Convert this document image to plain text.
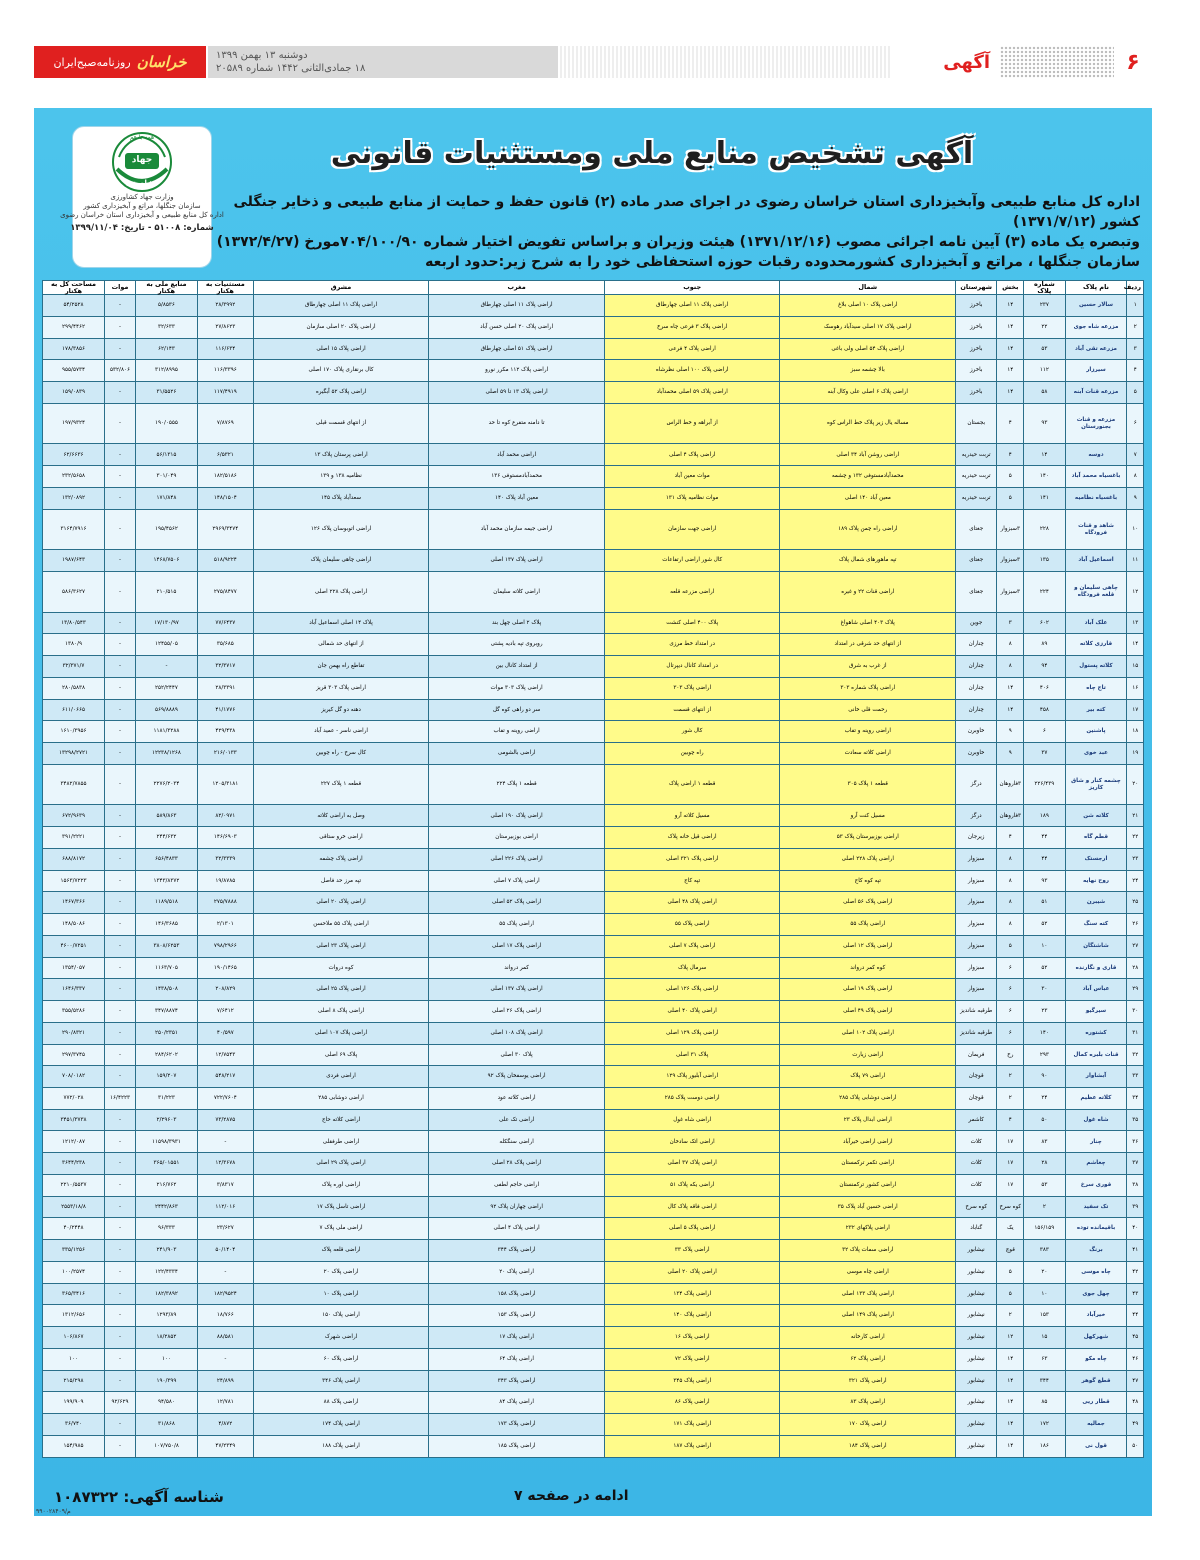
خراسان
روزنامه‌صبح‌ایران	دوشنبه ۱۳ بهمن ۱۳۹۹
۱۸ جمادی‌الثانی ۱۴۴۲ شماره ۲۰۵۸۹	آگهی	۶
همه با هم
جهاد
کشاورزی
وزارت جهاد کشاورزی
سازمان جنگلها، مراتع و آبخیزداری کشور
اداره کل منابع طبیعی و آبخیزداری استان خراسان رضوی
شماره: ۵۱۰۰۸ - تاریخ: ۱۳۹۹/۱۱/۰۴
آگهی تشخیص منابع ملی ومستثنیات قانونی

اداره کل منابع طبیعی وآبخیزداری استان خراسان رضوی در اجرای صدر ماده (۲) قانون حفظ و حمایت از منابع طبیعی و ذخایر جنگلی کشور (۱۳۷۱/۷/۱۲)

وتبصره یک ماده (۳) آیین نامه اجرائی مصوب (۱۳۷۱/۱۲/۱۶) هیئت وزیران و براساس تفویض اختیار شماره ۷۰۴/۱۰۰/۹۰مورخ (۱۳۷۲/۴/۲۷)

سازمان جنگلها ، مراتع و آبخیزداری کشورمحدوده رقبات حوزه استحفاظی خود را به شرح زیر:حدود اربعه

ردیف	نام پلاک	شماره پلاک	بخش	شهرستان	شمال	جنوب	مغرب	مشرق	مستثنیات به هکتار	منابع ملی به هکتار	موات	مساحت کل به هکتار
۱	سالار حسین	۲۳۷	۱۴	باخرز	اراضی پلاک ۱۰ اصلی بلاغ	اراضی پلاک ۱۱ اصلی چهارطاق	اراضی پلاک ۱۱ اصلی چهارطاق	اراضی پلاک ۱۱ اصلی چهارطاق	۲۸/۳۹۹۲	۵/۸۵۳۶	-	۵۴/۲۵۲۸
۲	مزرعه شاه جوی	۲۲	۱۴	باخرز	اراضی پلاک ۱۷ اصلی سیدآباد رهوسک	اراضی پلاک ۳ فرعی چاه سرخ	اراضی پلاک ۲۰ اصلی حسن آباد	اراضی پلاک ۲۰ اصلی سازمان	۲۷/۸۶۲۳	۳۲/۶۳۳	-	۲۹۹/۴۴۶۲
۳	مزرعه تقی آباد	۵۳	۱۴	باخرز	اراضی پلاک ۵۴ اصلی ولی باغی	اراضی پلاک ۴ فرعی	اراضی پلاک ۵۱ اصلی چهارطاق	اراضی پلاک ۱۵ اصلی	۱۱۶/۶۳۴	۶۲/۱۴۳	-	۱۷۸/۳۸۵۶
۴	سیرزار	۱۱۲	۱۴	باخرز	بالا چشمه سبز	اراضی پلاک ۱۰۰ اصلی نظرشاه	اراضی پلاک ۱۱۲ مکرر نورو	کال برنقاری پلاک ۱۷۰ اصلی	۱۱۶/۳۳۹۶	۳۱۲/۸۹۹۵	۵۳۲/۸۰۶	۹۵۵/۵۷۳۴
۵	مزرعه قنات آبنه	۵۸	۱۴	باخرز	اراضی پلاک ۶ اصلی علی وکال آبنه	اراضی پلاک ۵۹ اصلی محمدآباد	اراضی پلاک ۱۳ تا ۵۹ اصلی	اراضی پلاک ۵۲ آبگیره	۱۱۷/۴۹۱۹	۳۱/۵۵۲۶	-	۱۵۹/۰۸۳۹
۶	مزرعه و قنات بجنورستان	۹۳	۴	بجستان	مساله یال زیر پلاک خط الراس کوه	از آبراهه و خط الراس	تا دامنه متفرع کوه تا حد	از انتهای قسمت قبلی	۷/۸۷۶۹	۱۹۰/۰۵۵۵	-	۱۹۷/۹۳۲۴
۷	دوسه	۱۴	۴	تربت حیدریه	اراضی روشن آباد ۳۴ اصلی	اراضی پلاک ۴ اصلی	اراضی محمد آباد	اراضی پرستان پلاک ۱۳	۶/۵۳۲۱	۵۶/۱۳۱۵	-	۶۲/۶۶۳۶
۸	باغسیاه محمد آباد	۱۴۰	۵	تربت حیدریه	محمدآبادمستوفی ۱۳۲ و چشمه	موات معین آباد	محمدآبادمستوفی ۱۳۶	نظامیه ۱۳۸ و ۱۳۹	۱۸۲/۵۱۸۶	۳۰۱/۰۴۹	-	۲۳۲/۵۶۵۸
۹	باغسیاه نظامیه	۱۴۱	۵	تربت حیدریه	معین آباد ۱۴۰ اصلی	موات نظامیه پلاک ۱۳۱	معین آباد پلاک ۱۴۰	سعدآباد پلاک ۱۴۵	۱۴۸/۱۵۰۴	۱۷۱/۸۴۸	-	۱۳۲/۰۸۹۲
۱۰	شاهد و قنات فرودگاه	۲۲۸	۳سبزوار	جغتای	اراضی راه چمن پلاک ۱۸۹	اراضی جهت سازمان	اراضی جیمه سازمان محمد آباد	اراضی اتوبوسان پلاک ۱۲۶	۲۹۶۹/۳۴۷۴	۱۹۵/۴۵۶۲	-	۳۱۶۴/۷۹۱۶
۱۱	اسماعیل آباد	۱۳۵	۳سبزوار	جغتای	تپه ماهورهای شمال پلاک	کال شور اراضی ارتفاعات	اراضی پلاک ۱۳۷ اصلی	اراضی چاهی سلیمان پلاک	۵۱۸/۹۲۲۴	۱۴۶۸/۷۵۰۶	-	۱۹۸۷/۶۴۳
۱۲	چاهی سلیمان و قلعه فرودگاه	۲۲۴	۳سبزوار	جغتای	اراضی قنات ۲۲ و غیره	اراضی مزرعه قلعه	اراضی کلاته سلیمان	اراضی پلاک ۲۲۸ اصلی	۲۷۵/۸۴۷۷	۲۱۰/۵۱۵	-	۵۸۶/۳۶۲۷
۱۳	علک آباد	۶۰۲	۳	جوین	پلاک ۴۰۳ اصلی شاهواغ	پلاک ۴۰۰ اصلی کنشت	پلاک ۲ اصلی چهل بند	پلاک ۱۴ اصلی اسماعیل آباد	۷۷/۶۴۳۷	۱۷/۱۳۰/۹۷	-	۱۳/۸۰/۵۴۳
۱۴	قارزی کلاته	۸۹	۸	چناران	از انتهای حد شرقی در امتداد	در امتداد خط مرزی	روبروی تپه بادیه پشتی	از انتهای حد شمالی	۳۵/۶۸۵	۱۲۴۵۵/۰۵	-	۱۳۸۰/۹
۱۵	کلاته پستول	۹۴	۸	چناران	از غرب به شرق	در امتداد کانال دیپرتال	از امتداد کانال بین	تقاطع راه بهمن جان	۳۲/۳۷۱۷	-	-	۳۲/۳۷۱/۷
۱۶	تاج چاه	۴۰۶	۱۴	چناران	اراضی پلاک شماره ۳۰۳	اراضی پلاک ۳۰۳	اراضی پلاک ۳۰۳ موات	اراضی پلاک ۳۰۳ قریز	۲۸/۳۳۹۱	۲۵۲/۲۴۴۷	-	۲۸۰/۵۸۳۸
۱۷	کته بیر	۴۵۸	۱۴	چناران	رحمت قلی خانی	از انتهای قسمت	سر دو راهی کوه گل	دهنه دو گل کیریز	۴۱/۱۷۷۶	۵۶۹/۸۸۸۹	-	۶۱۱/۰۶۶۵
۱۸	پاشنین	۶	۹	خاوبرن	اراضی روینه و تفاب	کال شور	اراضی روینه و تفاب	اراضی ناسر - عمید آباد	۴۲۹/۴۳۸	۱۱۸۱/۳۲۸۸	-	۱۶۱۰/۳۹۵۶
۱۹	عبد خوی	۳۷	۹	خاوبرن	اراضی کلاته سعادت	راه چوبین	اراضی بالشومی	کال سرخ - راه چوبین	۲۱۶/۰۱۳۳	۱۲۲۳۸/۱۲۶۸	-	۱۳۲۹۸/۲۷۲۱
۲۰	چشمه کنار و شاق کاریز	۲۲۶/۴۳۹	۳فاروهان	درگز	قطعه ۱ پلاک ۳۰۵	قطعه ۱ اراضی پلاک	قطعه ۱ پلاک ۲۲۴	قطعه ۱ پلاک ۲۲۷	۱۲۰۵/۳۱۸۱	۲۲۷۶/۲۰۳۴	-	۳۴۸۲/۷۸۵۵
۲۱	کلاته شن	۱۸۹	۳فاروهان	درگز	مسیل کنت آرو	مسیل کلاته آرو	اراضی پلاک ۱۹۰ اصلی	وصل به اراضی کلاته	۸۲/۰۹۷۱	۵۸۹/۸۶۳	-	۶۷۲/۹۶۳۹
۲۲	قطم گاه	۴۴	۴	زیرجان	اراضی بوزبیرستان پلاک ۵۳	اراضی قیل خانه پلاک	اراضی بوزبیرستان	اراضی خرو ستاقی	۱۴۶/۶۹۰۳	۲۴۴/۶۳۲	-	۳۹۱/۲۲۲۱
۲۳	ارجستک	۴۴	۸	سبزوار	اراضی پلاک ۲۲۸ اصلی	اراضی پلاک ۳۲۱ اصلی	اراضی پلاک ۲۲۶ اصلی	اراضی پلاک چشمه	۳۲/۳۳۳۹	۶۵۶/۴۸۳۳	-	۶۸۸/۸۱۷۲
۲۴	روح نهایه	۹۳	۸	سبزوار	تپه کوه کاج	تپه کاج	اراضی پلاک ۷ اصلی	تپه مرز حد فاصل	۱۹/۸۷۸۵	۱۳۴۳/۸۳۷۲	-	۱۵۶۳/۷۲۲۳
۲۵	شیبرن	۵۱	۸	سبزوار	اراضی پلاک ۵۶ اصلی	اراضی پلاک ۴۸ اصلی	اراضی پلاک ۵۲ اصلی	اراضی پلاک ۲۰ اصلی	۲۷۵/۷۸۸۸	۱۱۸۹/۵۱۸	-	۱۴۶۷/۳۶۶
۲۶	کته سنگ	۵۲	۸	سبزوار	اراضی پلاک ۵۵	اراضی پلاک ۵۵	اراضی پلاک ۵۵	اراضی پلاک ۵۵ ملاحسن	۲/۱۳۰۱	۱۴۶/۳۶۸۵	-	۱۴۸/۵۰۸۶
۲۷	شاشتگان	۱۰	۵	سبزوار	اراضی پلاک ۱۲ اصلی	اراضی پلاک ۷ اصلی	اراضی پلاک ۱۷ اصلی	اراضی پلاک ۲۳ اصلی	۷۹۸/۲۹۶۶	۳۸۰۸/۶۲۵۳	-	۴۶۰۰/۷۲۵۱
۲۸	قاری و نگارنده	۵۲	۶	سبزوار	کوه کمر درواند	سرمال پلاک	کمر درواند	کوه دروات	۱۹۰/۱۴۶۵	۱۱۶۳/۷۰۵	-	۱۳۵۴/۰۵۷
۲۹	عباس آباد	۳۰	۶	سبزوار	اراضی پلاک ۱۹ اصلی	اراضی پلاک ۱۲۶ اصلی	اراضی پلاک ۱۳۷ اصلی	اراضی پلاک ۲۵ اصلی	۲۰۸/۸۲۹	۱۴۳۸/۵۰۸	-	۱۶۴۶/۳۳۷
۳۰	سیرگیو	۲۳	۶	طرقبه شاندیز	اراضی پلاک ۴۹ اصلی	اراضی پلاک ۴۰ اصلی	اراضی پلاک ۲۶ اصلی	اراضی پلاک ۸ اصلی	۷/۶۴۱۲	۳۴۷/۸۸۷۴	-	۳۵۵/۵۲۸۶
۳۱	کشتوره	۱۴۰	۶	طرقبه شاندیز	اراضی پلاک ۱۰۲ اصلی	اراضی پلاک ۱۲۹ اصلی	اراضی پلاک ۱۰۸ اصلی	اراضی پلاک ۱۰۷ اصلی	۴۰/۵۹۷	۲۵۰/۲۳۵۱	-	۲۹۰/۸۳۲۱
۳۲	قنات بلبره کمال	۲۹۳	رخ	فریمان	اراضی زیارت	پلاک ۳۱ اصلی	پلاک ۳۰ اصلی	پلاک ۶۹ اصلی	۱۲/۷۵۴۳	۲۸۴/۶۲۰۲	-	۲۹۷/۳۷۴۵
۳۳	آبشاوار	۹۰	۲	قوچان	اراضی ۷۹ پلاک	اراضی آبلیور پلاک ۱۲۹	اراضی یوسفخان پلاک ۹۲	اراضی فردی	۵۴۸/۲۱۷	۱۵۹/۲۰۷	-	۷۰۸/۰۱۸۲
۳۴	کلاته عظیم	۲۴	۲	قوچان	اراضی دوشابی پلاک ۲۸۵	اراضی دوست پلاک ۲۸۵	اراضی کلاته عود	اراضی دوشابی ۲۸۵	۷۲۲/۷۶۰۴	۳۱/۲۲۳	۱۶/۴۲۲۳	۷۷۲/۰۲۸
۳۵	شاه غول	۵۰	۴	کاشمر	اراضی ابدال پلاک ۲۳	اراضی شاه غول	اراضی تک علی	اراضی کلاته حاج	۷۳/۲۸۷۵	۲/۲۹۶۰۳	-	۳۴۵۱/۳۷۳۸
۳۶	چنار	۸۳	۱۷	کلات	اراضی اراضی خیرآباد	اراضی اتک سادخان	اراضی سنگکله	اراضی طرفقلی	-	۱۱۵۹۸/۳۹۳۱	-	۱۲۱۲/۰۸۷
۳۷	چغاشم	۲۸	۱۷	کلات	اراضی تکمر ترکمستان	اراضی پلاک ۳۷ اصلی	اراضی پلاک ۲۸ اصلی	اراضی پلاک ۲۹ اصلی	۱۲/۳۶۷۸	۳۶۵/۰۱۵۵۱	-	۳۶۴۴/۲۳۸
۳۸	قوری سرخ	۵۳	۱۷	کلات	اراضی کشور ترکمنستان	اراضی یکه پلاک ۵۱	اراضی حاجم لطفی	اراضی اوره پلاک	۳/۸۳۱۷	۲۱۶/۷۶۲	-	۲۲۱۰/۵۵۳۷
۳۹	تک سفید	۲	کوه سرخ	کوه سرخ	اراضی حسین آباد پلاک ۳۵	اراضی فاقه پلاک کال	اراضی چهاران پلاک ۹۲	اراضی تاسل پلاک ۱۷	۱۱۲/۰۱۶	۲۴۴۲/۸۶۳	-	۲۵۵۳/۱۸/۸
۴۰	باقیمانده توده	۱۵۶/۱۵۹	یک	گناباد	اراضی پلاکهای ۲۳۲	اراضی پلاک ۵ اصلی	اراضی پلاک ۴ اصلی	اراضی ملی پلاک ۷	۲۳/۶۲۷	۹۶/۳۳۳	-	۴۰/۲۴۴۸
۴۱	برنگ	۳۸۳	قوچ	نیشابور	اراضی سمات پلاک ۳۲	اراضی پلاک ۳۳	اراضی پلاک ۳۴۴	اراضی قلعه پلاک	۵۰/۱۴۰۴	۲۴۱/۹۰۳	-	۳۳۵/۱۲۵۶
۴۲	چاه موسی	۲۰	۵	نیشابور	اراضی چاه موسی	اراضی پلاک ۲۰ اصلی	اراضی پلاک ۲۰	اراضی پلاک ۲۰	-	۱۲۲/۴۳۳۴	-	۱۰۰/۲۵۷۴
۴۳	چهل جوی	۱۰	۵	نیشابور	اراضی پلاک ۱۳۳ اصلی	اراضی پلاک ۱۳۴	اراضی پلاک ۱۵۸	اراضی پلاک ۱۰	۱۸۲/۹۵۲۴	۱۸۲/۳۸۹۲	-	۳۶۵/۳۴۱۶
۴۴	خیرآباد	۱۵۳	۲	نیشابور	اراضی پلاک ۱۴۹ اصلی	اراضی پلاک ۱۴۰	اراضی پلاک ۱۵۳	اراضی پلاک ۱۵۰	۱۸/۷۶۶	۱۲۹۳/۸۹	-	۱۳۱۲/۶۵۶
۴۵	شهرکهل	۱۵	۱۲	نیشابور	اراضی کارخانه	اراضی پلاک ۱۶	اراضی پلاک ۱۷	اراضی شهرک	۸۸/۵۸۱	۱۸/۲۸۵۲	-	۱۰۶/۸۶۷
۴۶	چاه مکو	۶۳	۱۴	نیشابور	اراضی پلاک ۶۲	اراضی پلاک ۷۲	اراضی پلاک ۶۴	اراضی پلاک ۶۰	-	۱۰۰	-	۱۰۰
۴۷	قطع گوهر	۳۴۴	۱۴	نیشابور	اراضی پلاک ۳۲۱	اراضی پلاک ۳۴۵	اراضی پلاک ۳۴۳	اراضی پلاک ۳۴۶	۲۴/۸۹۹	۱۹۰/۳۹۹	-	۲۱۵/۲۹۸
۴۸	قطار ریی	۸۵	۱۴	نیشابور	اراضی پلاک ۸۳	اراضی پلاک ۸۶	اراضی پلاک ۸۴	اراضی پلاک ۸۸	۱۲/۷۸۱	۹۴/۵۸۰	۹۲/۶۲۹	۱۹۹/۹۰۹
۴۹	جمالیه	۱۷۲	۱۴	نیشابور	اراضی پلاک ۱۷۰	اراضی پلاک ۱۷۱	اراضی پلاک ۱۷۳	اراضی پلاک ۱۷۴	۴/۸۷۲	۳۱/۸۶۸	-	۳۶/۷۴۰
۵۰	قول نی	۱۸۶	۱۴	نیشابور	اراضی پلاک ۱۸۴	اراضی پلاک ۱۸۷	اراضی پلاک ۱۸۵	اراضی پلاک ۱۸۸	۴۷/۲۳۴۹	۱۰۷/۷۵۰/۸	-	۱۵۴/۹۸۵
شناسه آگهی: ۱۰۸۷۳۲۲	ادامه در صفحه ۷
م/۹۹۰۰۲۸۴۰۹
